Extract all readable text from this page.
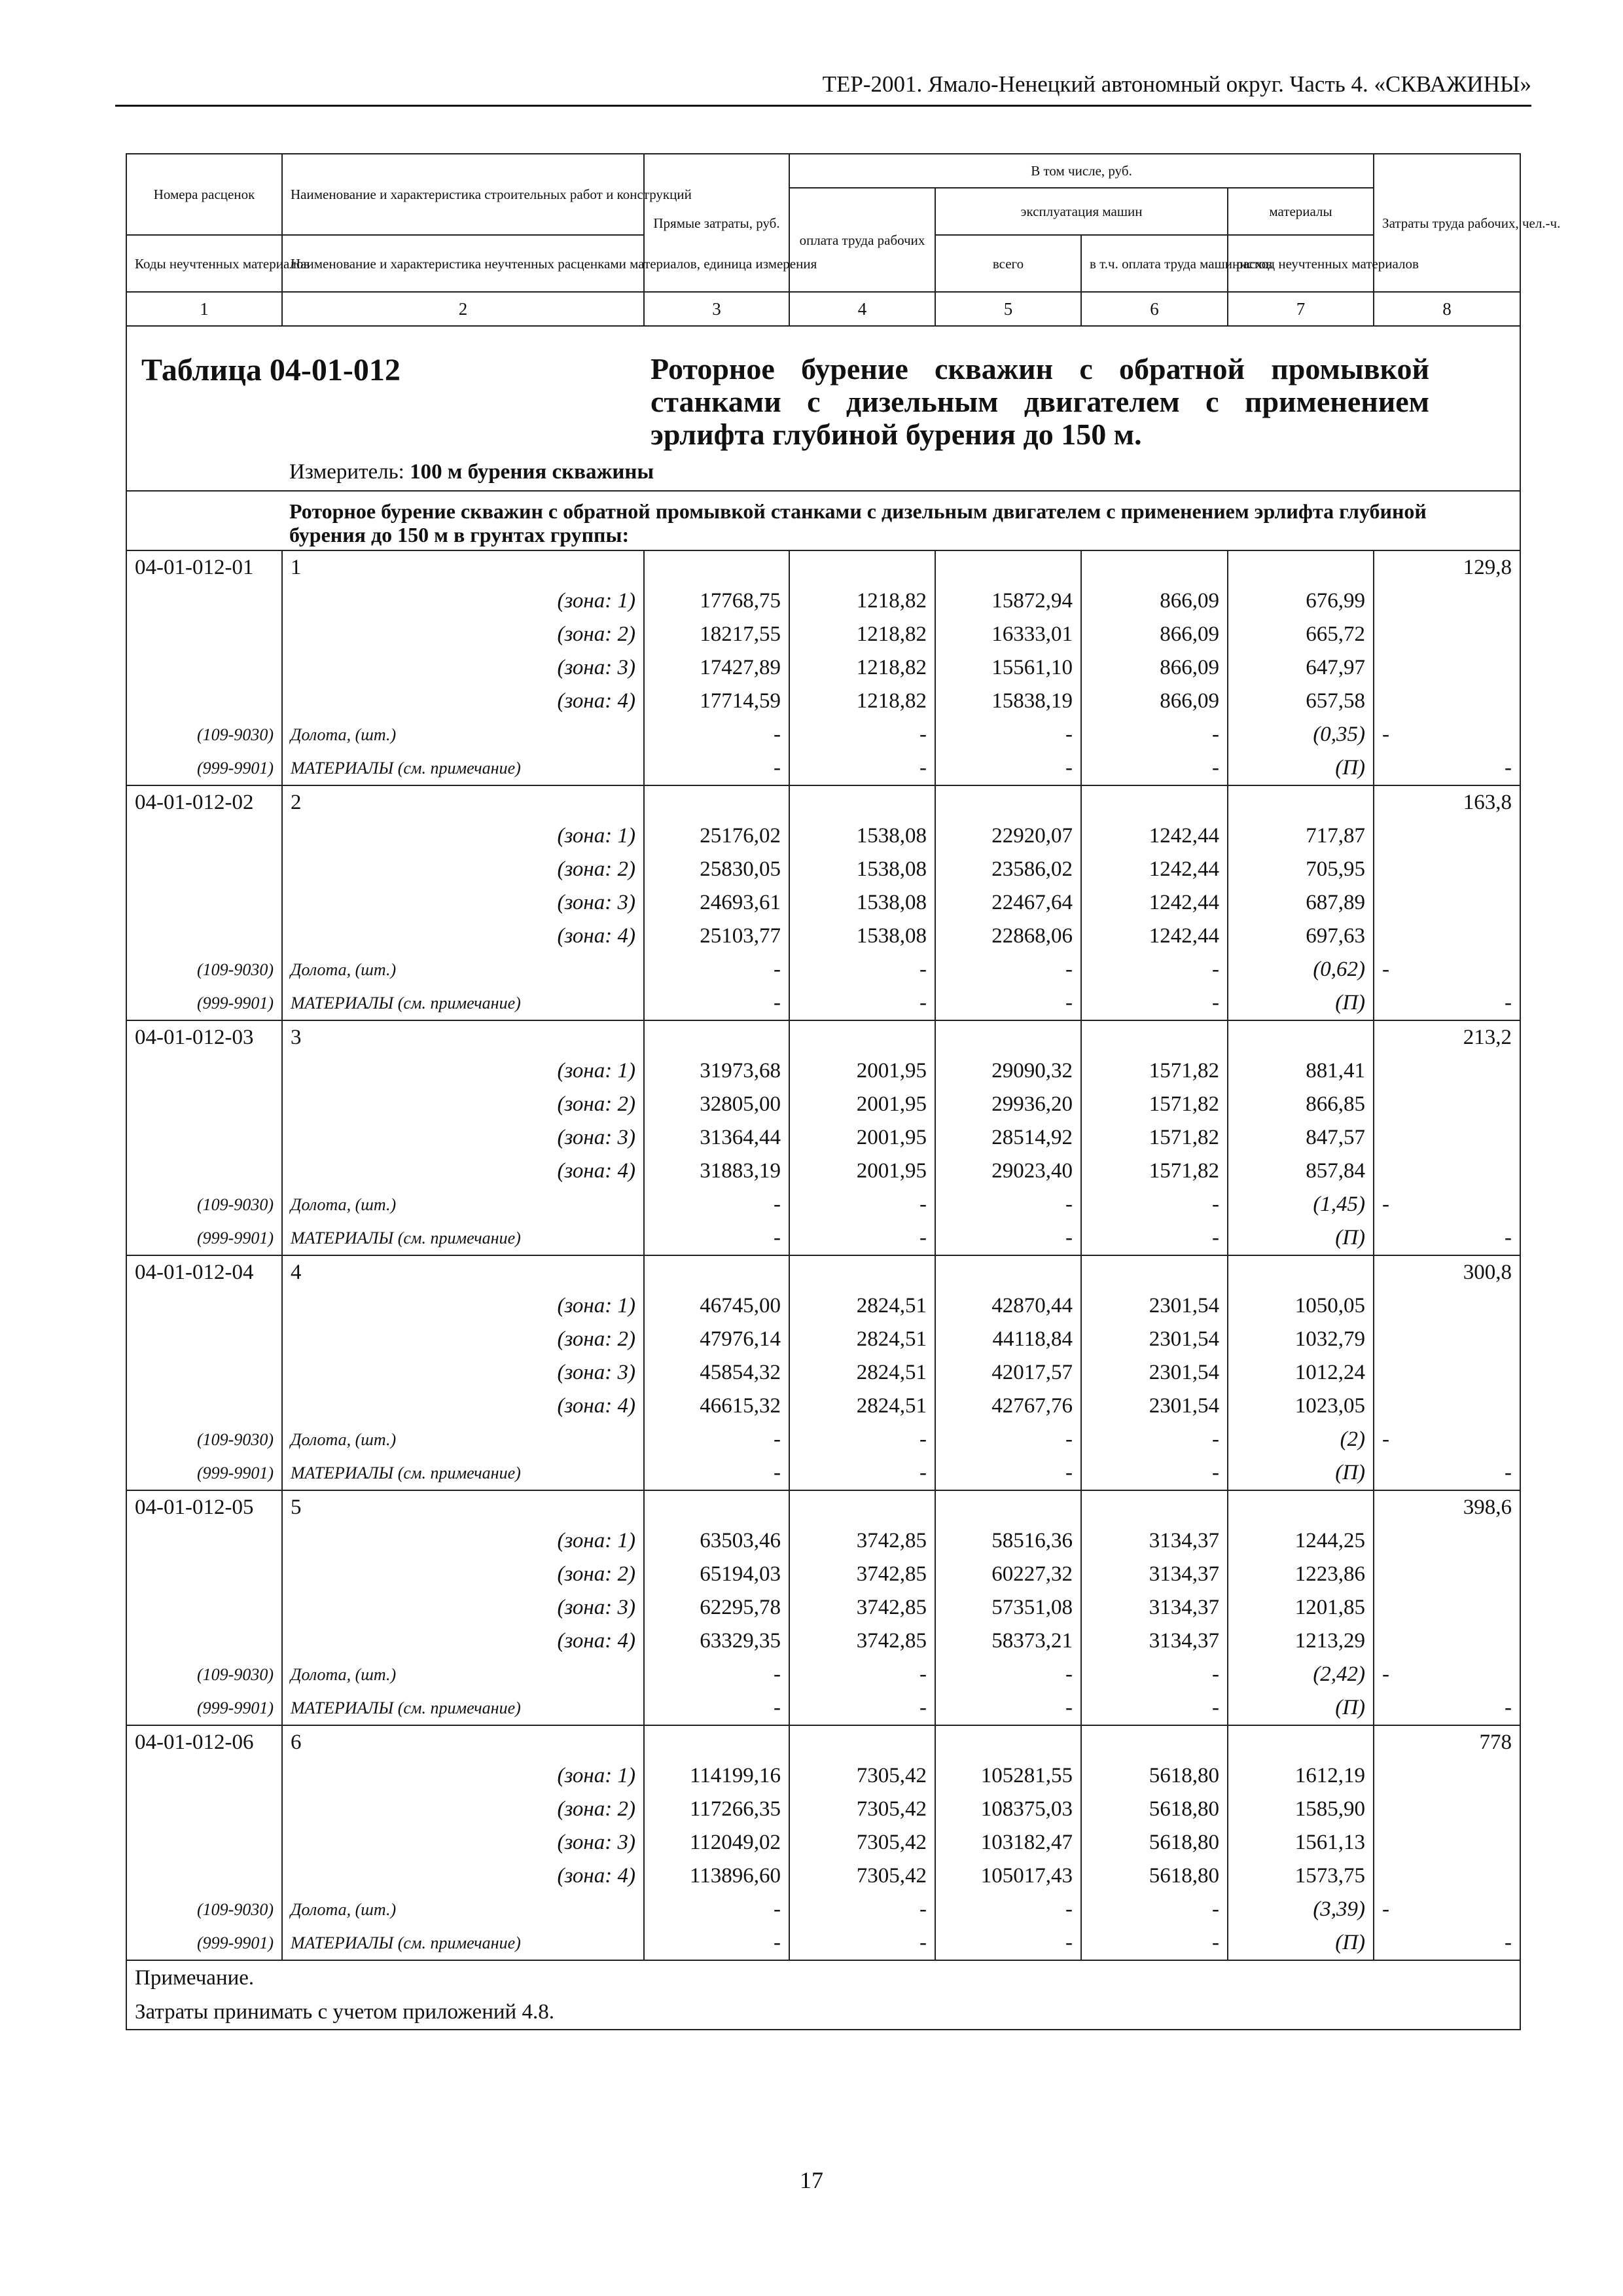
ТЕР-2001. Ямало-Ненецкий автономный округ. Часть 4. «СКВАЖИНЫ»
Номера расценок	Наименование и характеристика строительных работ и конструкций	Прямые затраты, руб.	В том числе, руб.				Затраты труда рабочих, чел.-ч.
			оплата труда рабочих	эксплуатация машин		материалы	
Коды неучтенных материалов	Наименование и характеристика неучтенных расценками материалов, единица измерения			всего	в т.ч. оплата труда машинистов	расход неучтенных материалов	
1	2	3	4	5	6	7	8

Таблица 04-01-012 Роторное бурение скважин с обратной промывкой станками с дизельным двигателем с применением эрлифта глубиной бурения до 150 м.
Измеритель: 100 м бурения скважины							

Роторное бурение скважин с обратной промывкой станками с дизельным двигателем с применением эрлифта глубиной бурения до 150 м в грунтах группы:							

04-01-012-01	1						129,8
	(зона: 1)	17768,75	1218,82	15872,94	866,09	676,99	
	(зона: 2)	18217,55	1218,82	16333,01	866,09	665,72	
	(зона: 3)	17427,89	1218,82	15561,10	866,09	647,97	
	(зона: 4)	17714,59	1218,82	15838,19	866,09	657,58	
(109-9030)	Долота, (шт.)	-	-	-	-	(0,35)	-
(999-9901)	МАТЕРИАЛЫ (см. примечание)	-	-	-	-	(П)	-
04-01-012-02	2						163,8
	(зона: 1)	25176,02	1538,08	22920,07	1242,44	717,87	
	(зона: 2)	25830,05	1538,08	23586,02	1242,44	705,95	
	(зона: 3)	24693,61	1538,08	22467,64	1242,44	687,89	
	(зона: 4)	25103,77	1538,08	22868,06	1242,44	697,63	
(109-9030)	Долота, (шт.)	-	-	-	-	(0,62)	-
(999-9901)	МАТЕРИАЛЫ (см. примечание)	-	-	-	-	(П)	-
04-01-012-03	3						213,2
	(зона: 1)	31973,68	2001,95	29090,32	1571,82	881,41	
	(зона: 2)	32805,00	2001,95	29936,20	1571,82	866,85	
	(зона: 3)	31364,44	2001,95	28514,92	1571,82	847,57	
	(зона: 4)	31883,19	2001,95	29023,40	1571,82	857,84	
(109-9030)	Долота, (шт.)	-	-	-	-	(1,45)	-
(999-9901)	МАТЕРИАЛЫ (см. примечание)	-	-	-	-	(П)	-
04-01-012-04	4						300,8
	(зона: 1)	46745,00	2824,51	42870,44	2301,54	1050,05	
	(зона: 2)	47976,14	2824,51	44118,84	2301,54	1032,79	
	(зона: 3)	45854,32	2824,51	42017,57	2301,54	1012,24	
	(зона: 4)	46615,32	2824,51	42767,76	2301,54	1023,05	
(109-9030)	Долота, (шт.)	-	-	-	-	(2)	-
(999-9901)	МАТЕРИАЛЫ (см. примечание)	-	-	-	-	(П)	-
04-01-012-05	5						398,6
	(зона: 1)	63503,46	3742,85	58516,36	3134,37	1244,25	
	(зона: 2)	65194,03	3742,85	60227,32	3134,37	1223,86	
	(зона: 3)	62295,78	3742,85	57351,08	3134,37	1201,85	
	(зона: 4)	63329,35	3742,85	58373,21	3134,37	1213,29	
(109-9030)	Долота, (шт.)	-	-	-	-	(2,42)	-
(999-9901)	МАТЕРИАЛЫ (см. примечание)	-	-	-	-	(П)	-
04-01-012-06	6						778
	(зона: 1)	114199,16	7305,42	105281,55	5618,80	1612,19	
	(зона: 2)	117266,35	7305,42	108375,03	5618,80	1585,90	
	(зона: 3)	112049,02	7305,42	103182,47	5618,80	1561,13	
	(зона: 4)	113896,60	7305,42	105017,43	5618,80	1573,75	
(109-9030)	Долота, (шт.)	-	-	-	-	(3,39)	-
(999-9901)	МАТЕРИАЛЫ (см. примечание)	-	-	-	-	(П)	-
Примечание.							
Затраты принимать с учетом приложений 4.8.							
17
